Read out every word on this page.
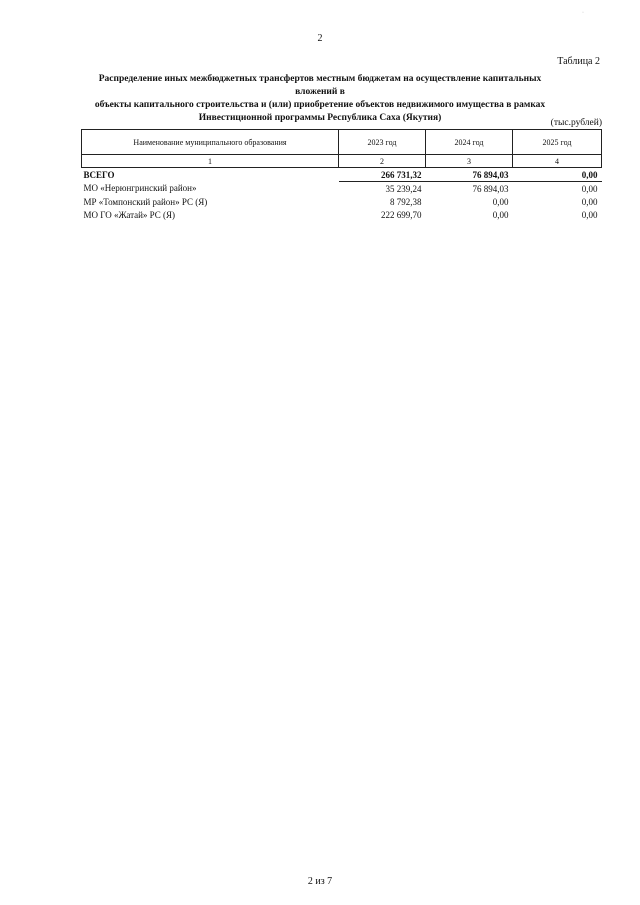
·
2
Таблица 2
Распределение иных межбюджетных трансфертов местным бюджетам на осуществление капитальных вложений в
объекты капитального строительства и (или) приобретение объектов недвижимого имущества в рамках
Инвестиционной программы Республика Саха (Якутия)	(тыс.рублей)
Наименование муниципального образования	2023 год	2024 год	2025 год
1	2	3	4
ВСЕГО	266 731,32	76 894,03	0,00
МО «Нерюнгринский район»	35 239,24	76 894,03	0,00
МР «Томпонский район» РС (Я)	8 792,38	0,00	0,00
МО ГО «Жатай» РС (Я)	222 699,70	0,00	0,00
2 из 7
